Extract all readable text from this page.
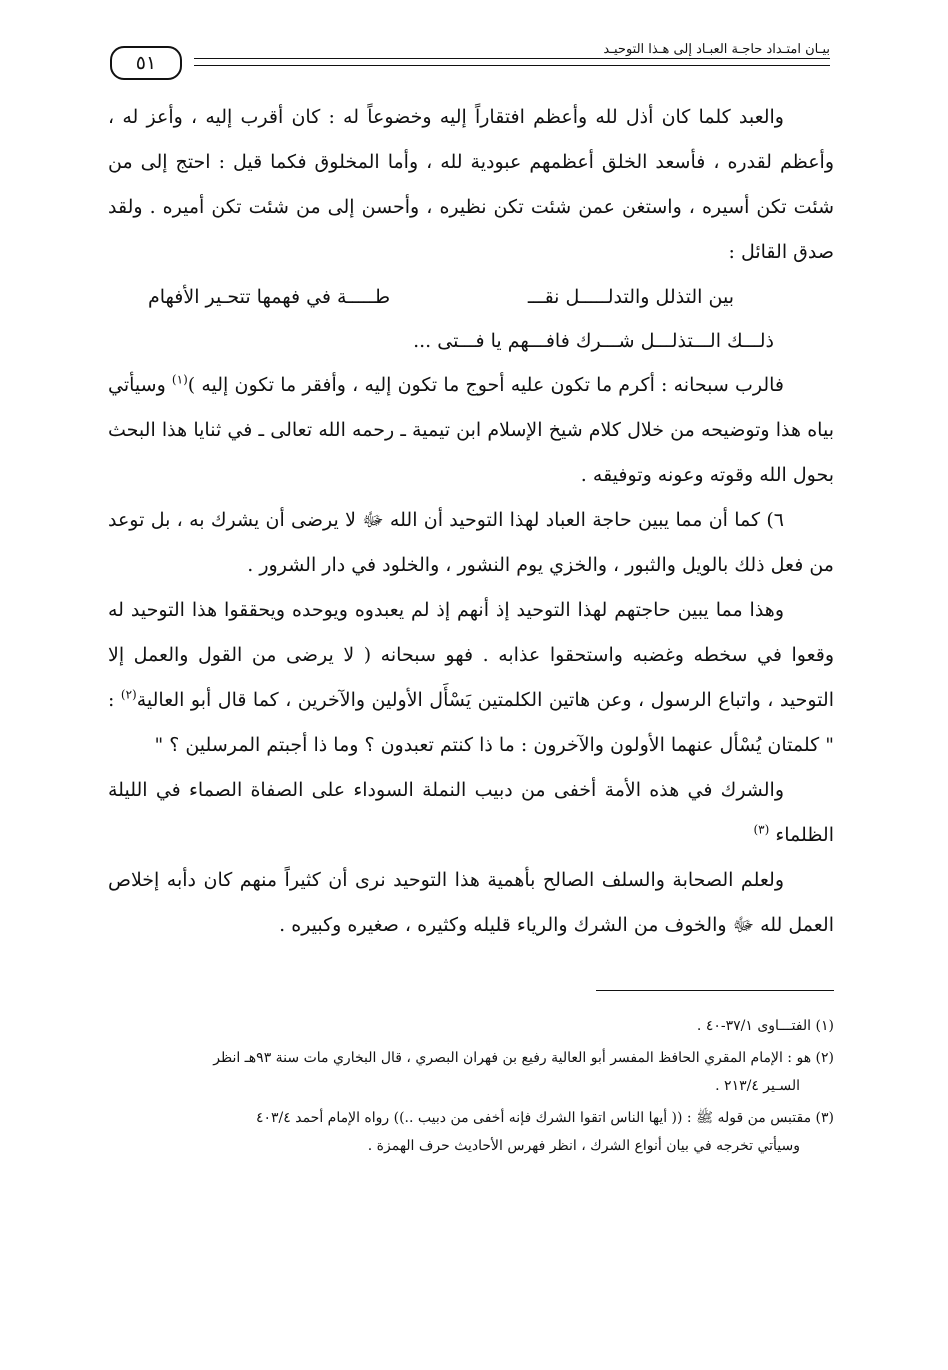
٥١
بيـان امتـداد حاجـة العبـاد إلى هـذا التوحيـد

والعبد كلما كان أذل لله وأعظم افتقاراً إليه وخضوعاً له : كان أقرب إليه ، وأعز له ، وأعظم لقدره ، فأسعد الخلق أعظمهم عبودية لله ، وأما المخلوق فكما قيل : احتج إلى من شئت تكن أسيره ، واستغن عمن شئت تكن نظيره ، وأحسن إلى من شئت تكن أميره . ولقد صدق القائل :

بين التذلل والتدلـــــل نقـــ
طـــــة في فهمها تتحـير الأفهام
ذلـــك الـــتذلـــل شـــرك فافـــهم يا فـــتى ...

فالرب سبحانه : أكرم ما تكون عليه أحوج ما تكون إليه ، وأفقر ما تكون إليه )$^{(١)}$ وسيأتي بياه هذا وتوضيحه من خلال كلام شيخ الإسلام ابن تيمية ـ رحمه الله تعالى ـ في ثنايا هذا البحث بحول الله وقوته وعونه وتوفيقه .

٦) كما أن مما يبين حاجة العباد لهذا التوحيد أن الله ﷻ لا يرضى أن يشرك به ، بل توعد من فعل ذلك بالويل والثبور ، والخزي يوم النشور ، والخلود في دار الشرور .

وهذا مما يبين حاجتهم لهذا التوحيد إذ أنهم إذ لم يعبدوه ويوحده ويحققوا هذا التوحيد له وقعوا في سخطه وغضبه واستحقوا عذابه . فهو سبحانه ( لا يرضى من القول والعمل إلا التوحيد ، واتباع الرسول ، وعن هاتين الكلمتين يَسْأَل الأولين والآخرين ، كما قال أبو العالية$^{(٢)}$ : " كلمتان يُسْأل عنهما الأولون والآخرون : ما ذا كنتم تعبدون ؟ وما ذا أجبتم المرسلين ؟ "

والشرك في هذه الأمة أخفى من دبيب النملة السوداء على الصفاة الصماء في الليلة الظلماء $^{(٣)}$

ولعلم الصحابة والسلف الصالح بأهمية هذا التوحيد نرى أن كثيراً منهم كان دأبه إخلاص العمل لله ﷻ والخوف من الشرك والرياء قليله وكثيره ، صغيره وكبيره .

(١) الفتـــاوى ٣٧/١-٤٠ .

(٢) هو : الإمام المقري الحافظ المفسر أبو العالية رفيع بن فهران البصري ، قال البخاري مات سنة ٩٣هـ انظر
السـير ٢١٣/٤ .

(٣) مقتبس من قوله ﷺ : (( أيها الناس اتقوا الشرك فإنه أخفى من دبيب ..)) رواه الإمام أحمد ٤٠٣/٤
وسيأتي تخرجه في بيان أنواع الشرك ، انظر فهرس الأحاديث حرف الهمزة .
